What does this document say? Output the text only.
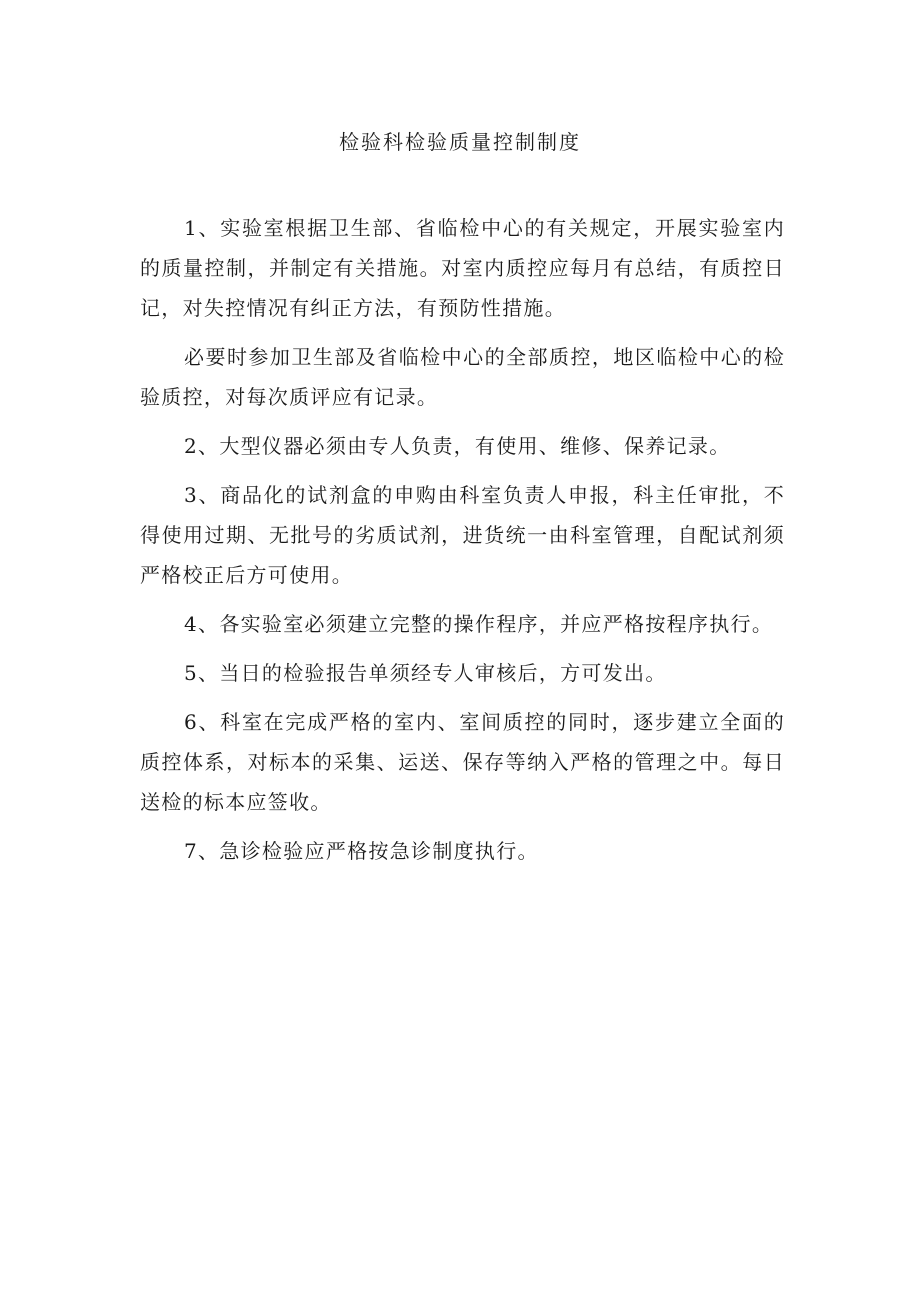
检验科检验质量控制制度

1、实验室根据卫生部、省临检中心的有关规定，开展实验室内的质量控制，并制定有关措施。对室内质控应每月有总结，有质控日记，对失控情况有纠正方法，有预防性措施。

必要时参加卫生部及省临检中心的全部质控，地区临检中心的检验质控，对每次质评应有记录。

2、大型仪器必须由专人负责，有使用、维修、保养记录。

3、商品化的试剂盒的申购由科室负责人申报，科主任审批，不得使用过期、无批号的劣质试剂，进货统一由科室管理，自配试剂须严格校正后方可使用。

4、各实验室必须建立完整的操作程序，并应严格按程序执行。

5、当日的检验报告单须经专人审核后，方可发出。

6、科室在完成严格的室内、室间质控的同时，逐步建立全面的质控体系，对标本的采集、运送、保存等纳入严格的管理之中。每日送检的标本应签收。

7、急诊检验应严格按急诊制度执行。
